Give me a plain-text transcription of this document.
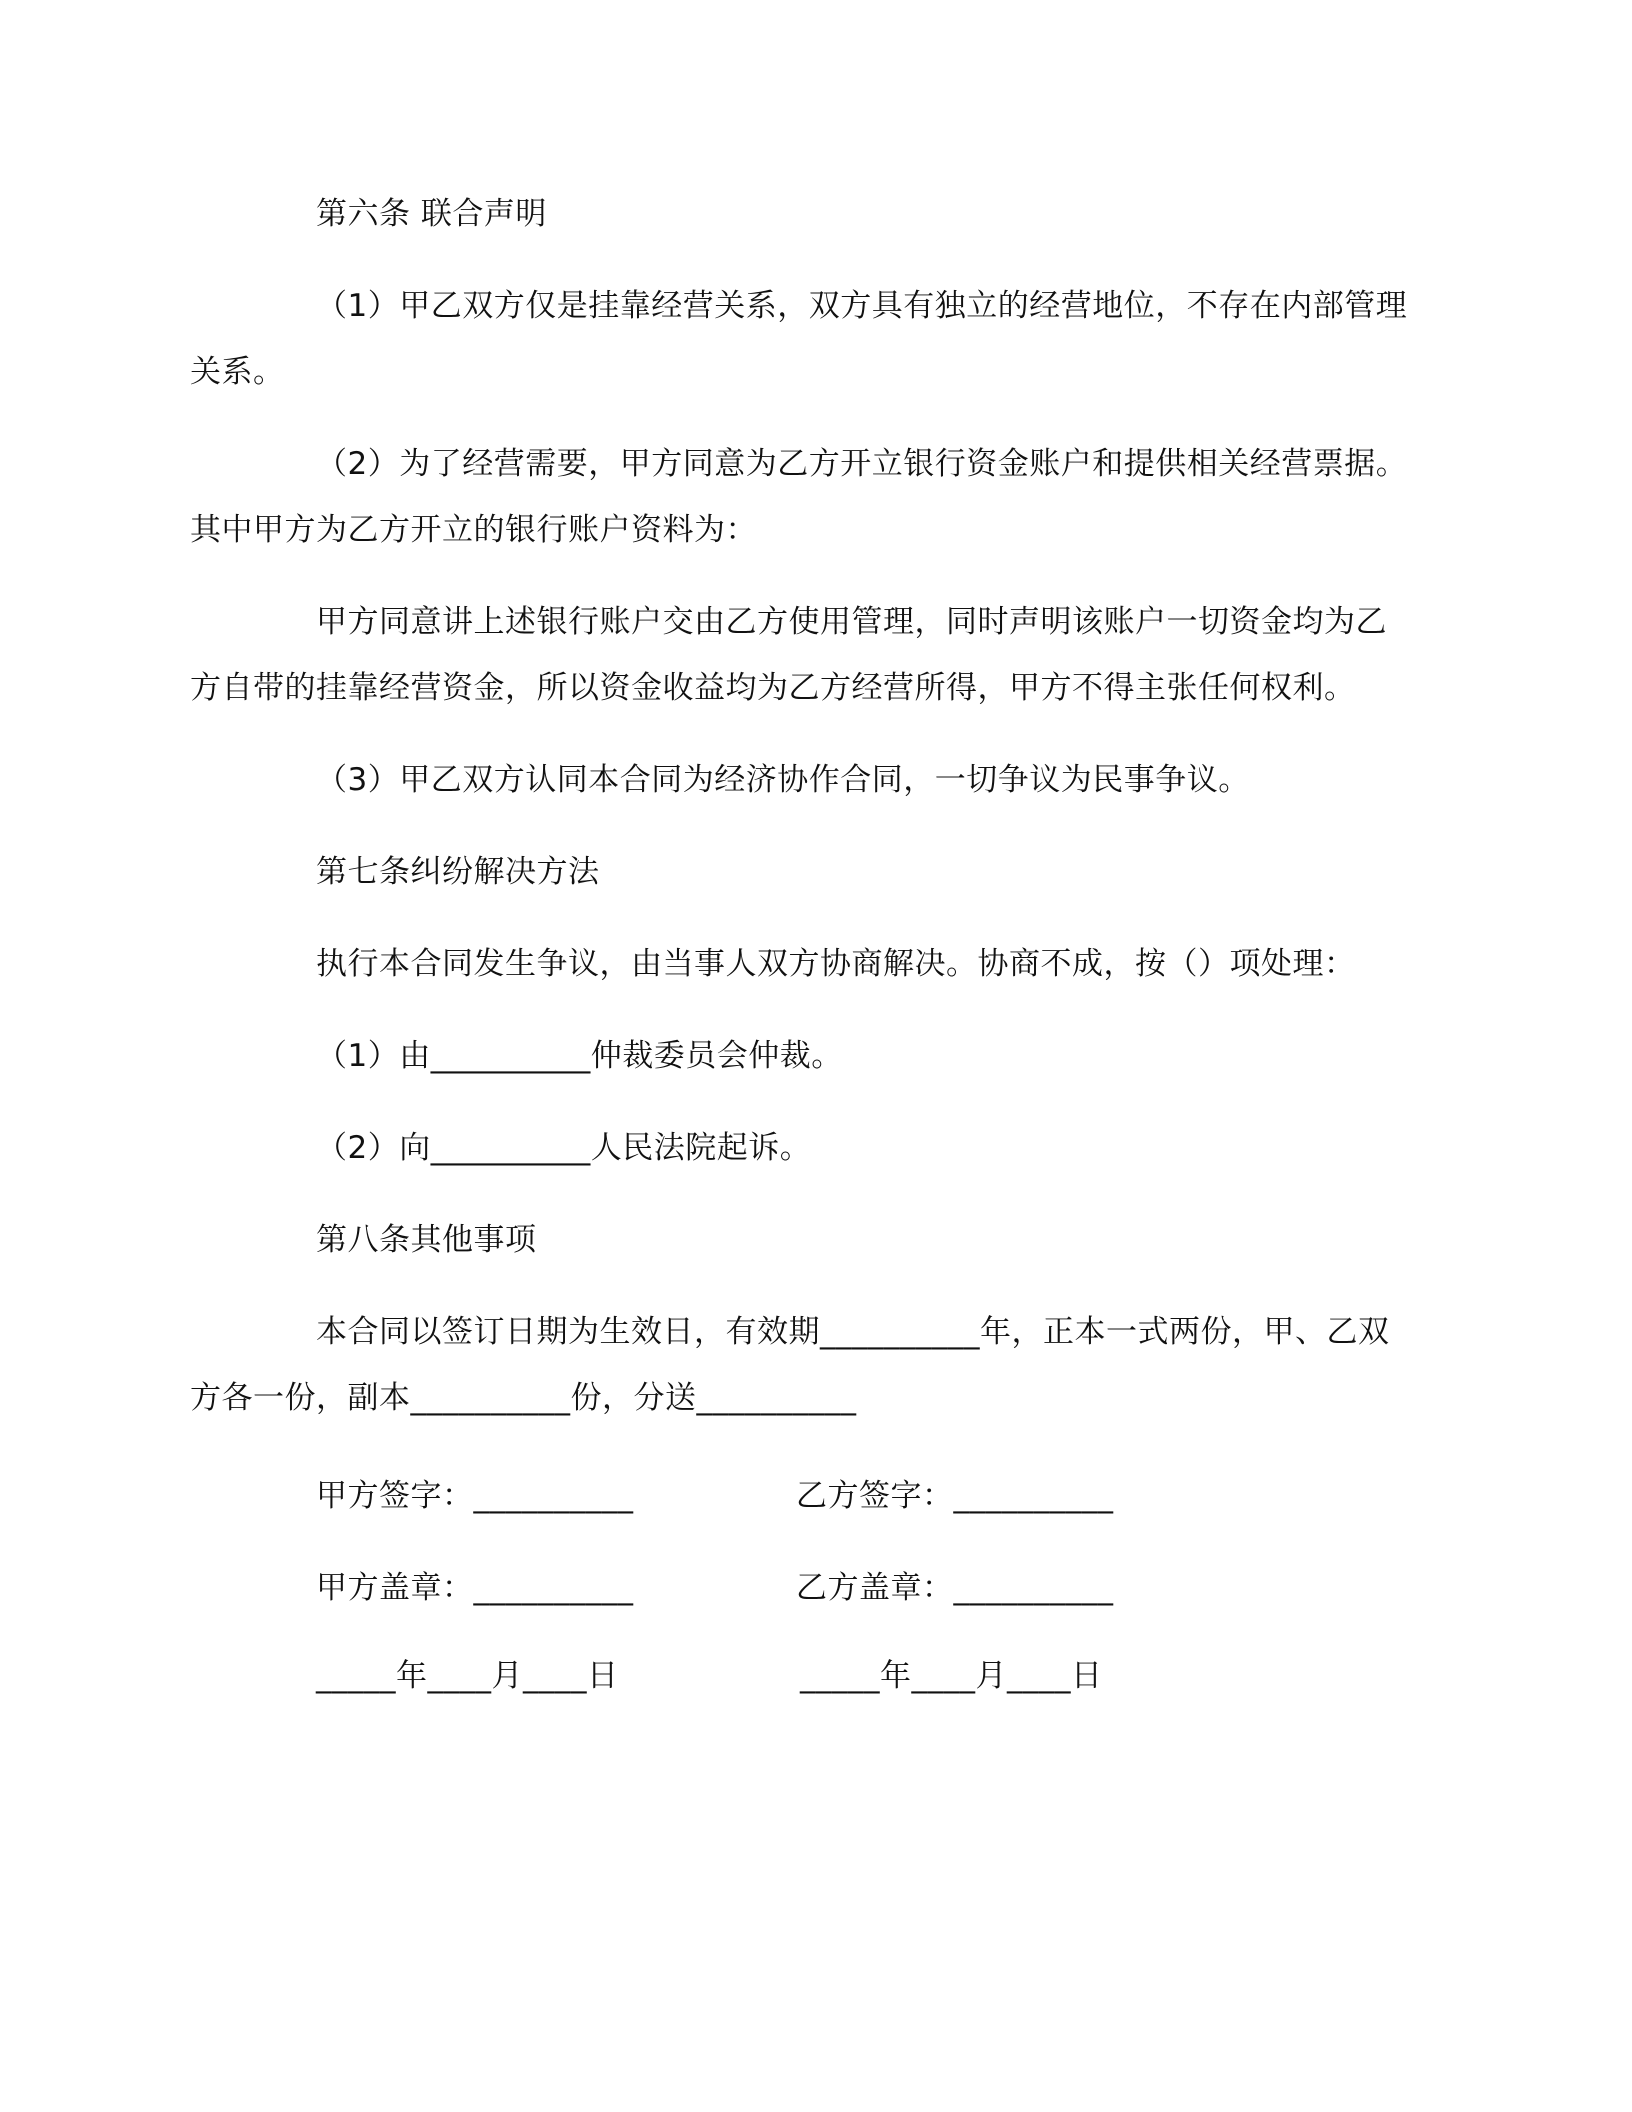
第六条 联合声明
（1）甲乙双方仅是挂靠经营关系，双方具有独立的经营地位，不存在内部管理
关系。
（2）为了经营需要，甲方同意为乙方开立银行资金账户和提供相关经营票据。
其中甲方为乙方开立的银行账户资料为：
甲方同意讲上述银行账户交由乙方使用管理，同时声明该账户一切资金均为乙
方自带的挂靠经营资金，所以资金收益均为乙方经营所得，甲方不得主张任何权利。
（3）甲乙双方认同本合同为经济协作合同，一切争议为民事争议。
第七条纠纷解决方法
执行本合同发生争议，由当事人双方协商解决。协商不成，按（）项处理：
（1）由__________仲裁委员会仲裁。
（2）向__________人民法院起诉。
第八条其他事项
本合同以签订日期为生效日，有效期__________年，正本一式两份，甲、乙双
方各一份，副本__________份，分送__________
甲方签字：__________	乙方签字：__________
甲方盖章：__________	乙方盖章：__________
_____年____月____日	_____年____月____日
